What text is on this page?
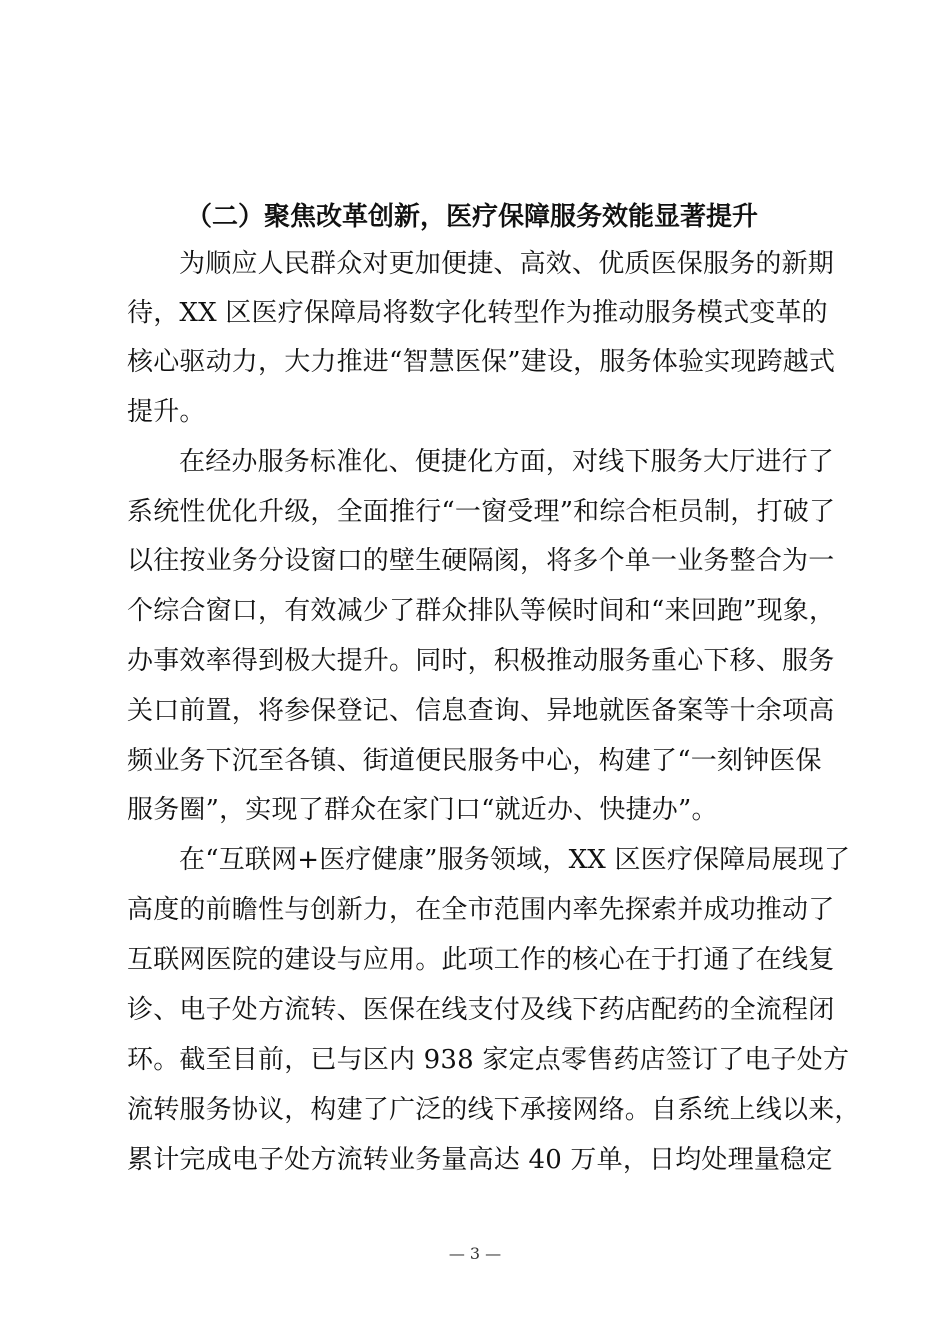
（二）聚焦改革创新，医疗保障服务效能显著提升
为顺应人民群众对更加便捷、高效、优质医保服务的新期
待，XX 区医疗保障局将数字化转型作为推动服务模式变革的
核心驱动力，大力推进“智慧医保”建设，服务体验实现跨越式
提升。
在经办服务标准化、便捷化方面，对线下服务大厅进行了
系统性优化升级，全面推行“一窗受理”和综合柜员制，打破了
以往按业务分设窗口的壁生硬隔阂，将多个单一业务整合为一
个综合窗口，有效减少了群众排队等候时间和“来回跑”现象，
办事效率得到极大提升。同时，积极推动服务重心下移、服务
关口前置，将参保登记、信息查询、异地就医备案等十余项高
频业务下沉至各镇、街道便民服务中心，构建了“一刻钟医保
服务圈”，实现了群众在家门口“就近办、快捷办”。
在“互联网+医疗健康”服务领域，XX 区医疗保障局展现了
高度的前瞻性与创新力，在全市范围内率先探索并成功推动了
互联网医院的建设与应用。此项工作的核心在于打通了在线复
诊、电子处方流转、医保在线支付及线下药店配药的全流程闭
环。截至目前，已与区内 938 家定点零售药店签订了电子处方
流转服务协议，构建了广泛的线下承接网络。自系统上线以来，
累计完成电子处方流转业务量高达 40 万单，日均处理量稳定
— 3 —
